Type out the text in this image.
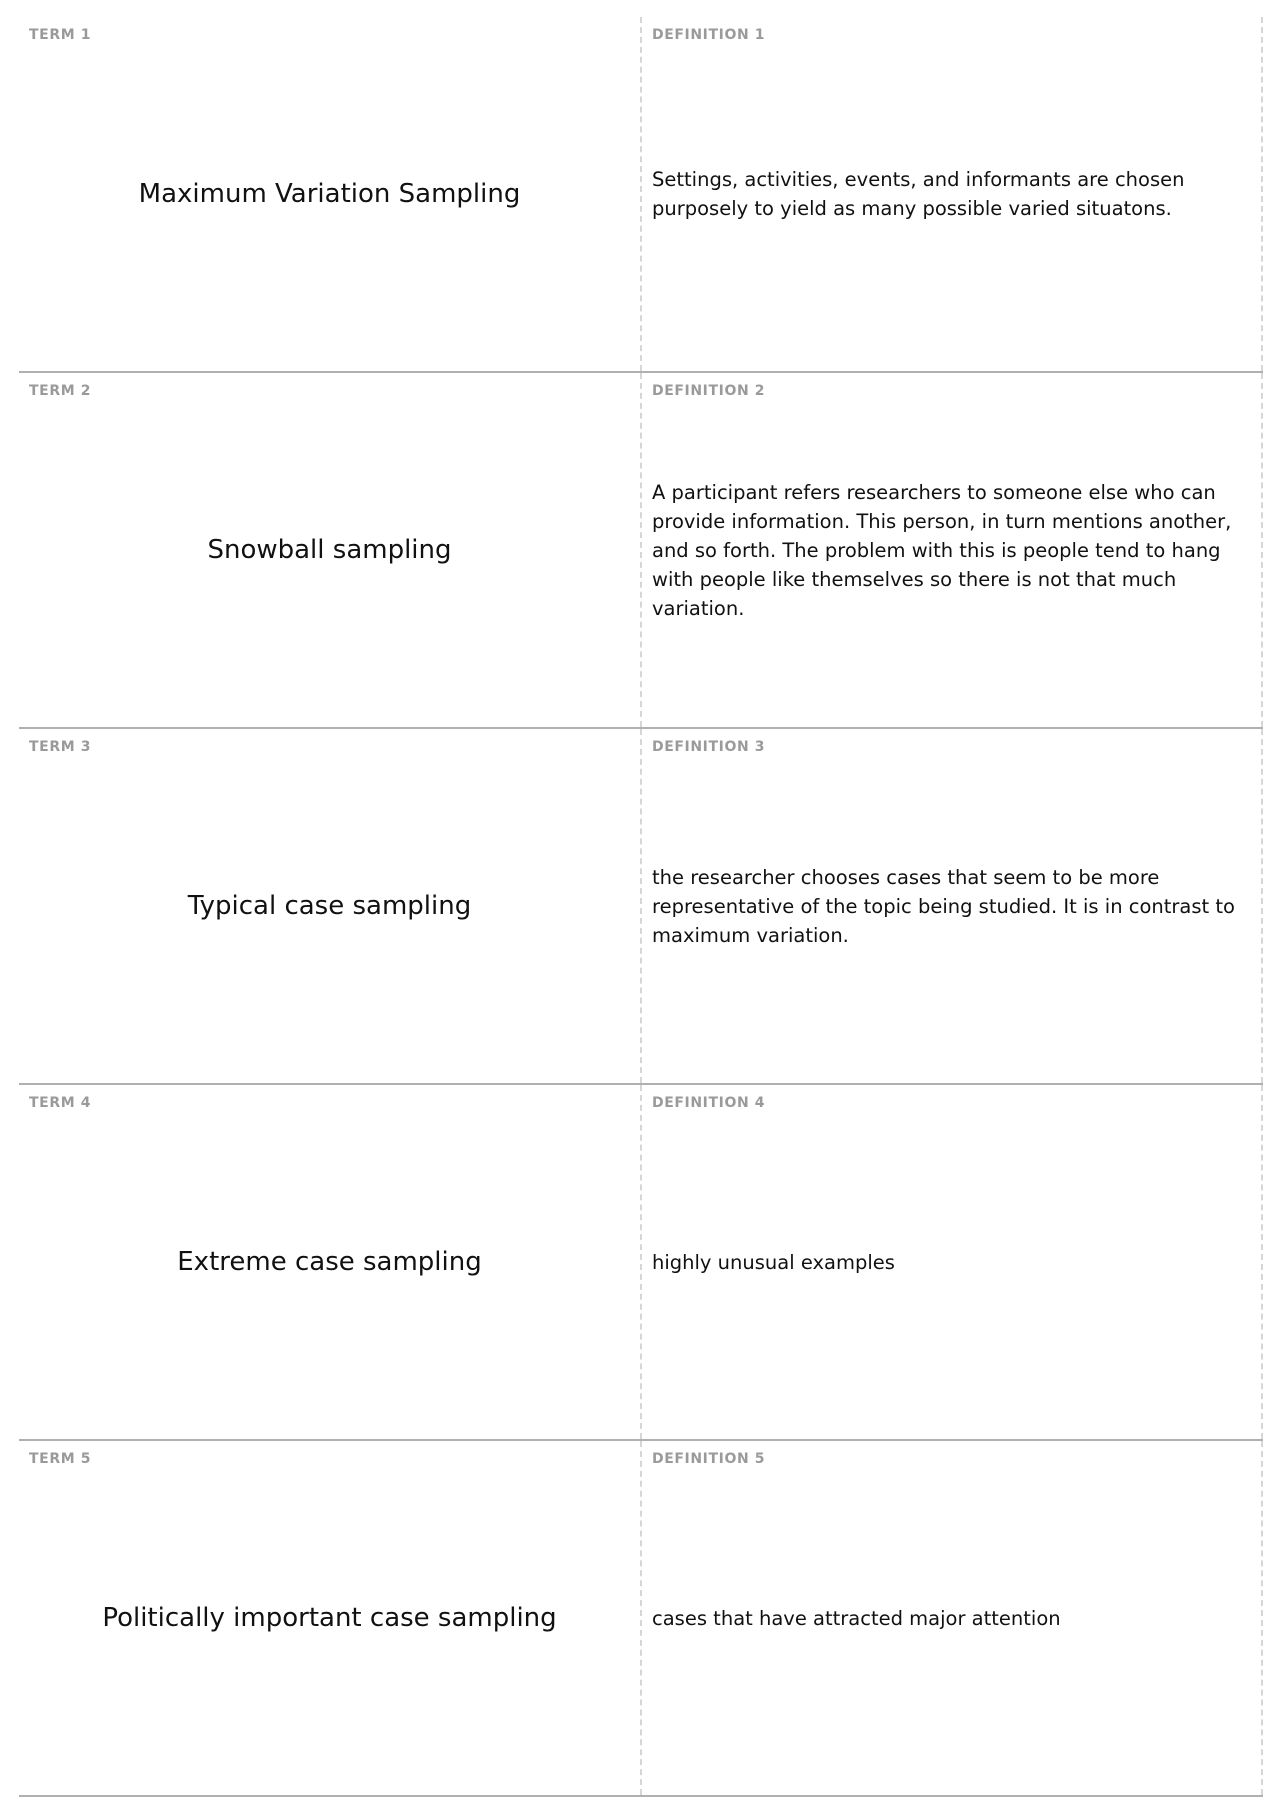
TERM 1
Maximum Variation Sampling
DEFINITION 1
Settings, activities, events, and informants are chosen purposely to yield as many possible varied situatons.
TERM 2
Snowball sampling
DEFINITION 2
A participant refers researchers to someone else who can provide information. This person, in turn mentions another, and so forth. The problem with this is people tend to hang with people like themselves so there is not that much variation.
TERM 3
Typical case sampling
DEFINITION 3
the researcher chooses cases that seem to be more representative of the topic being studied. It is in contrast to maximum variation.
TERM 4
Extreme case sampling
DEFINITION 4
highly unusual examples
TERM 5
Politically important case sampling
DEFINITION 5
cases that have attracted major attention
